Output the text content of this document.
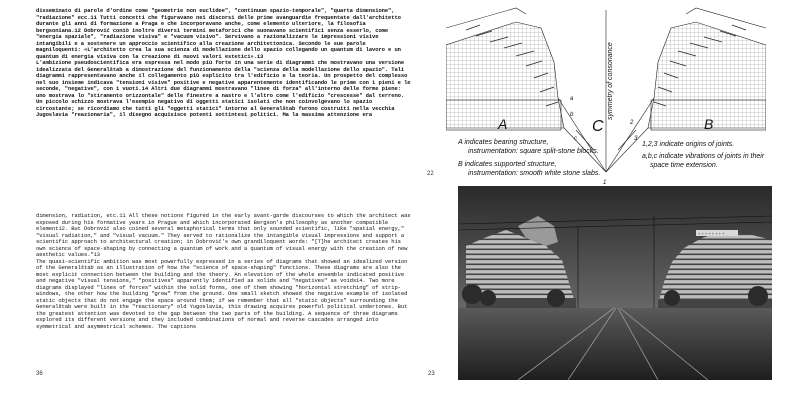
disseminato di parole d'ordine come "geometrie non euclidee", "continuum spazio-temporale", "quarta dimensione", "radiazione" ecc.11 Tutti concetti che figuravano nei discorsi delle prime avanguardie frequentate dall'architetto durante gli anni di formazione a Praga e che incorporavano anche, come elemento ulteriore, la filosofia bergsoniana.12 Dobrović coniò inoltre diversi termini metaforici che suonavano scientifici senza esserlo, come "energia spaziale", "radiazione visiva" e "vacuum visivo". Servivano a razionalizzare le impressioni visive intangibili e a sostenere un approccio scientifico alla creazione architettonica. Secondo le sue parole magniloquenti: «L'architetto crea la sua scienza di modellazione dello spazio collegando un quantum di lavoro e un quantum di energia visiva con la creazione di nuovi valori estetici».13
L'ambizione pseudoscientifica era espressa nel modo più forte in una serie di diagrammi che mostravano una versione idealizzata del Generalštab a dimostrazione del funzionamento della "scienza della modellazione dello spazio". Tali diagrammi rappresentavano anche il collegamento più esplicito tra l'edificio e la teoria. Un prospetto del complesso nel suo insieme indicava "tensioni visive" positive e negative apparentemente identificando le prime con i pieni e le seconde, "negative", con i vuoti.14 Altri due diagrammi mostravano "linee di forza" all'interno delle forme piene: uno mostrava lo "stiramento orizzontale" delle finestre a nastro e l'altro come l'edificio "crescesse" dal terreno. Un piccolo schizzo mostrava l'esempio negativo di oggetti statici isolati che non coinvolgevano lo spazio circostante; se ricordiamo che tutti gli "oggetti statici" intorno al Generalštab furono costruiti nella vecchia Jugoslavia "reazionaria", il disegno acquisisce potenti sottintesi politici. Ma la massima attenzione era
dimension, radiation, etc.11 All these notions figured in the early avant-garde discourses to which the architect was exposed during his formative years in Prague and which incorporated Bergson's philosophy as another compatible element12. But Dobrović also coined several metaphorical terms that only sounded scientific, like "spatial energy," "visual radiation," and "visual vacuum." They served to rationalize the intangible visual impressions and support a scientific approach to architectural creation; in Dobrović's own grandiloquent words: "[T]he architect creates his own science of space-shaping by connecting a quantum of work and a quantum of visual energy with the creation of new aesthetic values."13
The quasi-scientific ambition was most powerfully expressed in a series of diagrams that showed an idealized version of the Generalštab as an illustration of how the "science of space-shaping" functions. These diagrams are also the most explicit connection between the building and the theory. An elevation of the whole ensemble indicated positive and negative "visual tensions," "positives" apparently identified as solids and "negatives" as voids14. Two more diagrams displayed "lines of forces" within the solid forms, one of them showing "horizontal stretching" of strip-windows, the other how the building "grew" from the ground. One small sketch showed the negative example of isolated static objects that do not engage the space around them; if we remember that all "static objects" surrounding the Generalštab were built in the "reactionary" old Yugoslavia, this drawing acquires powerful political undertones. But the greatest attention was devoted to the gap between the two parts of the building. A sequence of three diagrams explored its different versions and they included combinations of normal and reverse cascades arranged into symmetrical and asymmetrical schemes. The captions
22
36	23
symmetry of consonance
A	B
C
a
b
c
1
2
3
A indicates bearing structure,
instrumentation: square split-stone blocks.
B indicates supported structure,
instrumentation: smooth white stone slabs.
1,2,3 indicate origins of joints.
a,b,c indicate vibrations of joints in their
space time extension.
+ + + + + + + +
